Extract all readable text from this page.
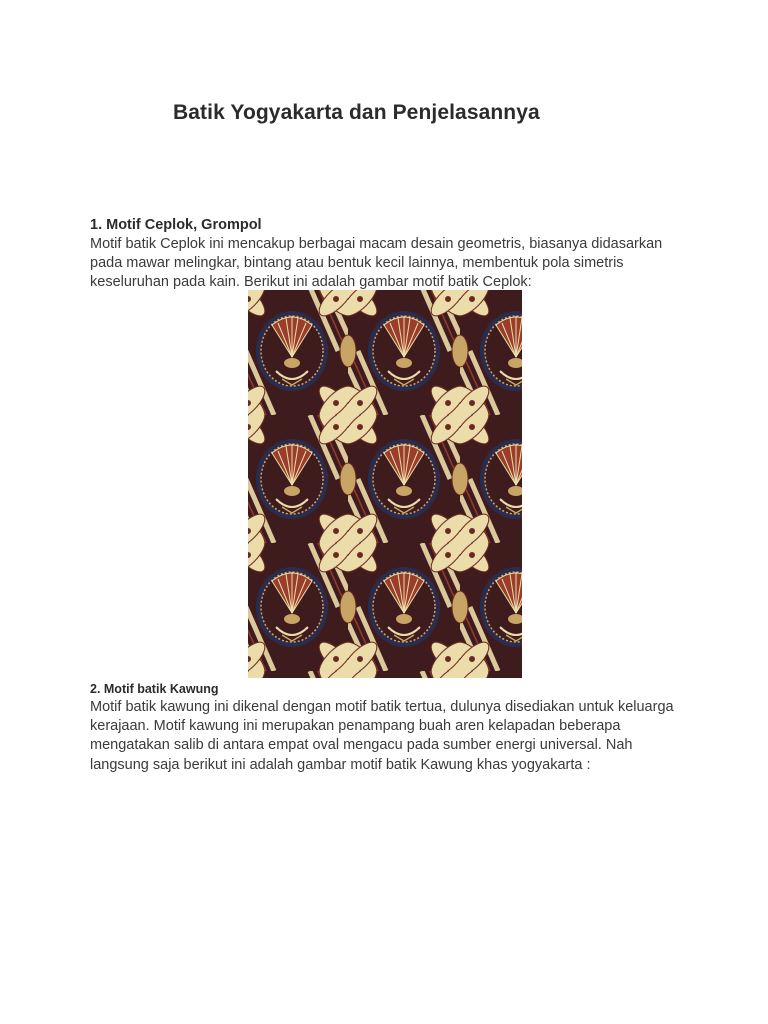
Batik Yogyakarta dan Penjelasannya
1. Motif Ceplok, Grompol

Motif batik Ceplok ini mencakup berbagai macam desain geometris, biasanya didasarkan pada mawar melingkar, bintang atau bentuk kecil lainnya, membentuk pola simetris keseluruhan pada kain. Berikut ini adalah gambar motif batik Ceplok:

2. Motif batik Kawung

Motif batik kawung ini dikenal dengan motif batik tertua, dulunya disediakan untuk keluarga kerajaan. Motif kawung ini merupakan penampang buah aren kelapadan beberapa mengatakan salib di antara empat oval mengacu pada sumber energi universal. Nah langsung saja berikut ini adalah gambar motif batik Kawung khas yogyakarta :
